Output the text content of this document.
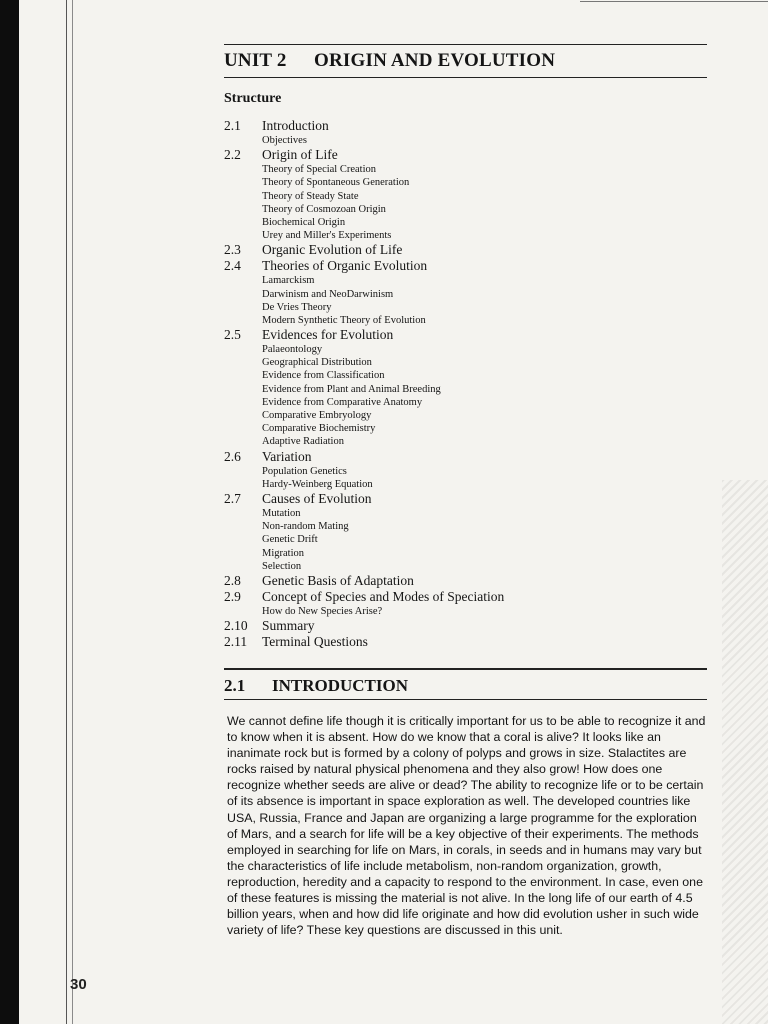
UNIT 2 ORIGIN AND EVOLUTION
Structure
2.1	Introduction
Objectives
2.2	Origin of Life
Theory of Special Creation
Theory of Spontaneous Generation
Theory of Steady State
Theory of Cosmozoan Origin
Biochemical Origin
Urey and Miller's Experiments
2.3	Organic Evolution of Life
2.4	Theories of Organic Evolution
Lamarckism
Darwinism and NeoDarwinism
De Vries Theory
Modern Synthetic Theory of Evolution
2.5	Evidences for Evolution
Palaeontology
Geographical Distribution
Evidence from Classification
Evidence from Plant and Animal Breeding
Evidence from Comparative Anatomy
Comparative Embryology
Comparative Biochemistry
Adaptive Radiation
2.6	Variation
Population Genetics
Hardy-Weinberg Equation
2.7	Causes of Evolution
Mutation
Non-random Mating
Genetic Drift
Migration
Selection
2.8	Genetic Basis of Adaptation
2.9	Concept of Species and Modes of Speciation
How do New Species Arise?
2.10	Summary
2.11	Terminal Questions
2.1 INTRODUCTION

We cannot define life though it is critically important for us to be able to recognize it and to know when it is absent. How do we know that a coral is alive? It looks like an inanimate rock but is formed by a colony of polyps and grows in size. Stalactites are rocks raised by natural physical phenomena and they also grow! How does one recognize whether seeds are alive or dead? The ability to recognize life or to be certain of its absence is important in space exploration as well. The developed countries like USA, Russia, France and Japan are organizing a large programme for the exploration of Mars, and a search for life will be a key objective of their experiments. The methods employed in searching for life on Mars, in corals, in seeds and in humans may vary but the characteristics of life include metabolism, non-random organization, growth, reproduction, heredity and a capacity to respond to the environment. In case, even one of these features is missing the material is not alive. In the long life of our earth of 4.5 billion years, when and how did life originate and how did evolution usher in such wide variety of life? These key questions are discussed in this unit.

30
